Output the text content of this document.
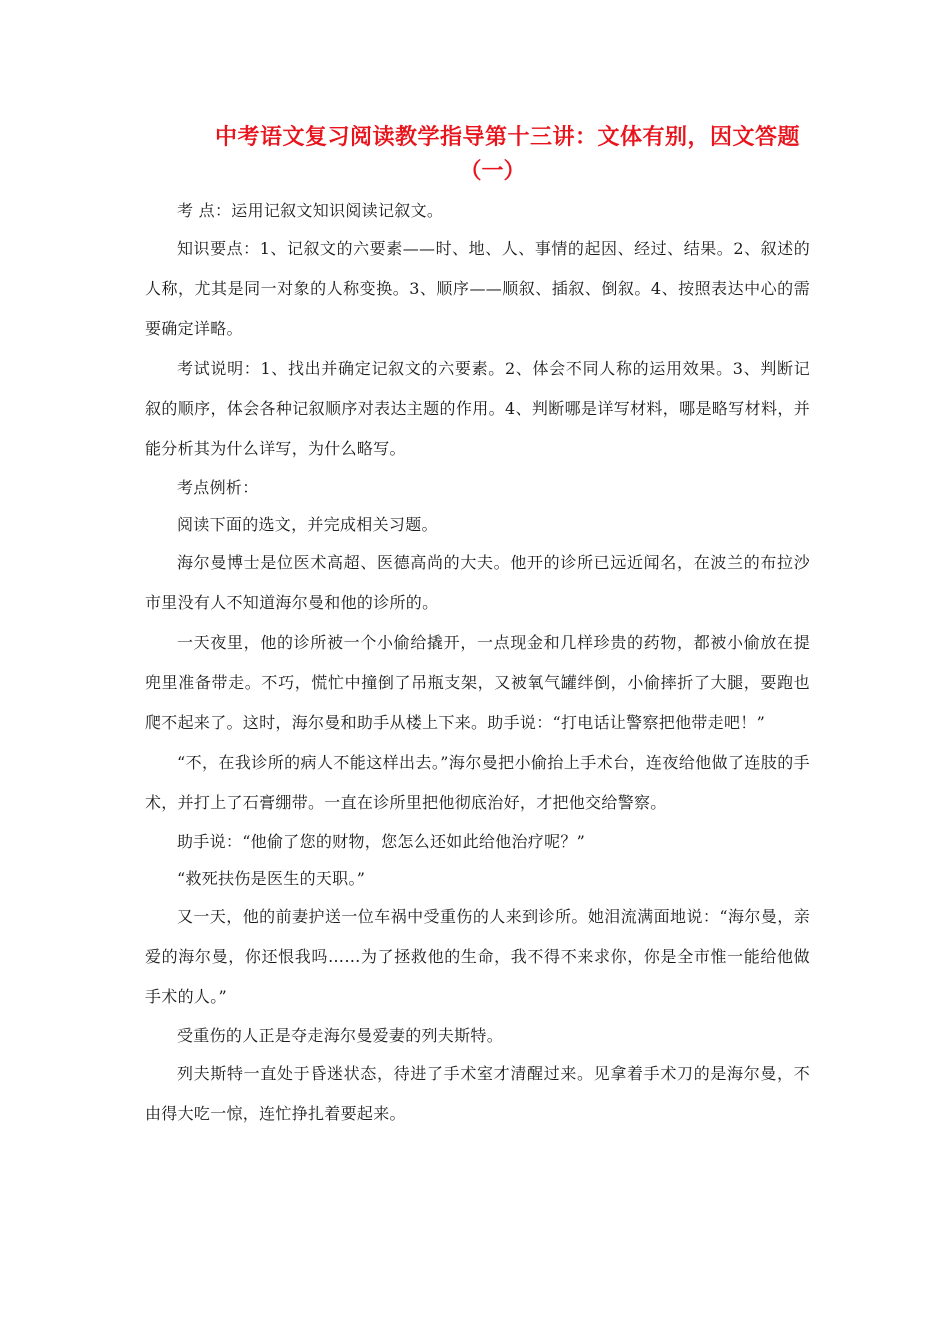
中考语文复习阅读教学指导第十三讲：文体有别，因文答题
（一）

考 点：运用记叙文知识阅读记叙文。

知识要点：1、记叙文的六要素——时、地、人、事情的起因、经过、结果。2、叙述的人称，尤其是同一对象的人称变换。3、顺序——顺叙、插叙、倒叙。4、按照表达中心的需要确定详略。

考试说明：1、找出并确定记叙文的六要素。2、体会不同人称的运用效果。3、判断记叙的顺序，体会各种记叙顺序对表达主题的作用。4、判断哪是详写材料，哪是略写材料，并能分析其为什么详写，为什么略写。

考点例析：

阅读下面的选文，并完成相关习题。

海尔曼博士是位医术高超、医德高尚的大夫。他开的诊所已远近闻名，在波兰的布拉沙市里没有人不知道海尔曼和他的诊所的。

一天夜里，他的诊所被一个小偷给撬开，一点现金和几样珍贵的药物，都被小偷放在提兜里准备带走。不巧，慌忙中撞倒了吊瓶支架，又被氧气罐绊倒，小偷摔折了大腿，要跑也爬不起来了。这时，海尔曼和助手从楼上下来。助手说：“打电话让警察把他带走吧！”

“不，在我诊所的病人不能这样出去。”海尔曼把小偷抬上手术台，连夜给他做了连肢的手术，并打上了石膏绷带。一直在诊所里把他彻底治好，才把他交给警察。

助手说：“他偷了您的财物，您怎么还如此给他治疗呢？”

“救死扶伤是医生的天职。”

又一天，他的前妻护送一位车祸中受重伤的人来到诊所。她泪流满面地说：“海尔曼，亲爱的海尔曼，你还恨我吗……为了拯救他的生命，我不得不来求你，你是全市惟一能给他做手术的人。”

受重伤的人正是夺走海尔曼爱妻的列夫斯特。

列夫斯特一直处于昏迷状态，待进了手术室才清醒过来。见拿着手术刀的是海尔曼，不由得大吃一惊，连忙挣扎着要起来。
